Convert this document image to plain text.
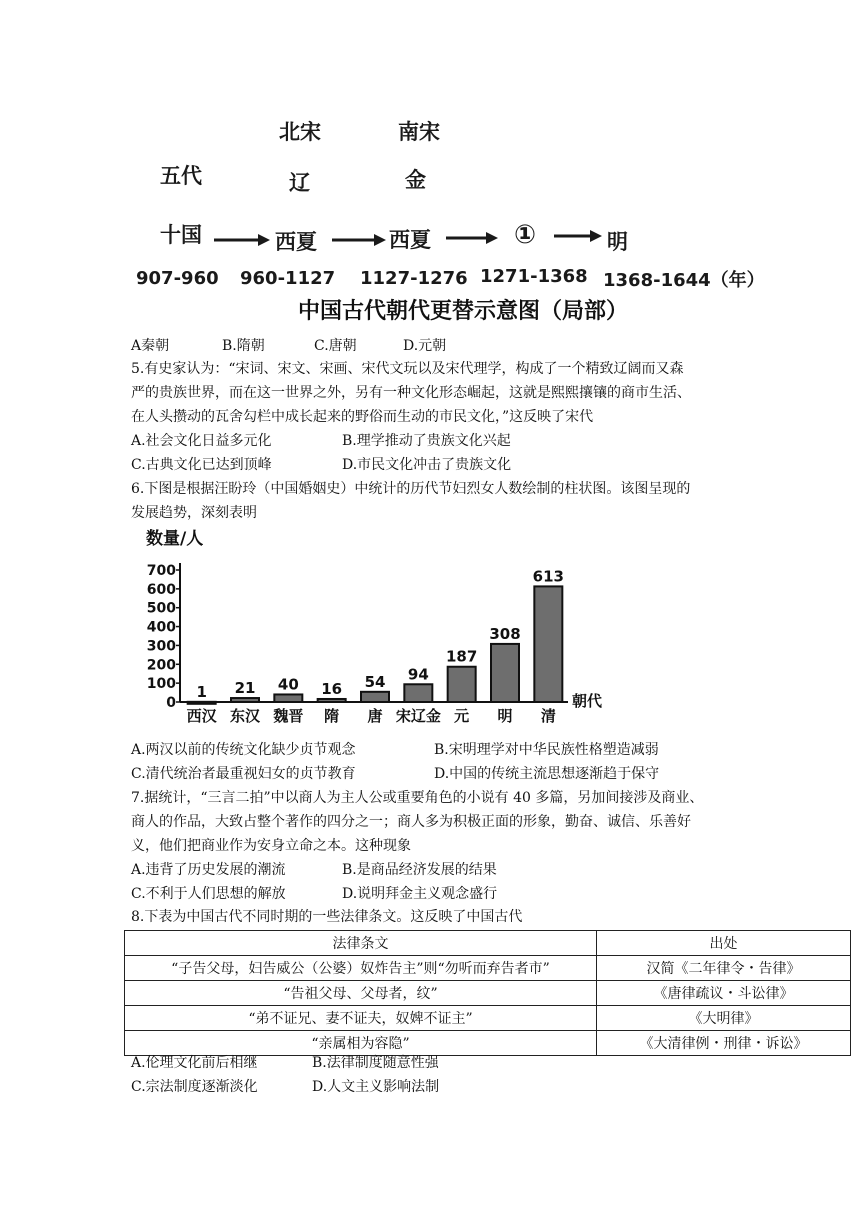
北宋	南宋
五代	辽	金
十国	西夏	西夏	①	明
907-960 960-1127 1127-1276 1271-1368 1368-1644（年）
中国古代朝代更替示意图（局部）
A秦朝	B.隋朝	C.唐朝	D.元朝
5.有史家认为：“宋词、宋文、宋画、宋代文玩以及宋代理学，构成了一个精致辽阔而又森
严的贵族世界，而在这一世界之外，另有一种文化形态崛起，这就是熙熙攘镶的商市生活、
在人头攒动的瓦舍勾栏中成长起来的野俗而生动的市民文化，”这反映了宋代
A.社会文化日益多元化	B.理学推动了贵族文化兴起
C.古典文化已达到顶峰	D.市民文化冲击了贵族文化
6.下图是根据汪盼玲（中国婚姻史）中统计的历代节妇烈女人数绘制的柱状图。该图呈现的
发展趋势，深刻表明
数量/人
朝代
0
100
200
300
400
500
600
700
1
西汉
21
东汉
40
魏晋
16
隋
54
唐
94
宋辽金
187
元
308
明
613
清
A.两汉以前的传统文化缺少贞节观念	B.宋明理学对中华民族性格塑造减弱
C.清代统治者最重视妇女的贞节教育	D.中国的传统主流思想逐渐趋于保守
7.据统计，“三言二拍”中以商人为主人公或重要角色的小说有 40 多篇，另加间接涉及商业、
商人的作品，大致占整个著作的四分之一；商人多为积极正面的形象，勤奋、诚信、乐善好
义，他们把商业作为安身立命之本。这种现象
A.违背了历史发展的潮流	B.是商品经济发展的结果
C.不利于人们思想的解放	D.说明拜金主义观念盛行
8.下表为中国古代不同时期的一些法律条文。这反映了中国古代
法律条文	出处
“子告父母，妇告威公（公婆）奴炸告主”则“勿听而弃告者市”	汉简《二年律令・告律》
“告祖父母、父母者，纹”	《唐律疏议・斗讼律》
“弟不证兄、妻不证夫，奴婢不证主”	《大明律》
“亲属相为容隐”	《大清律例・刑律・诉讼》
A.伦理文化前后相继	B.法律制度随意性强
C.宗法制度逐渐淡化	D.人文主义影响法制
